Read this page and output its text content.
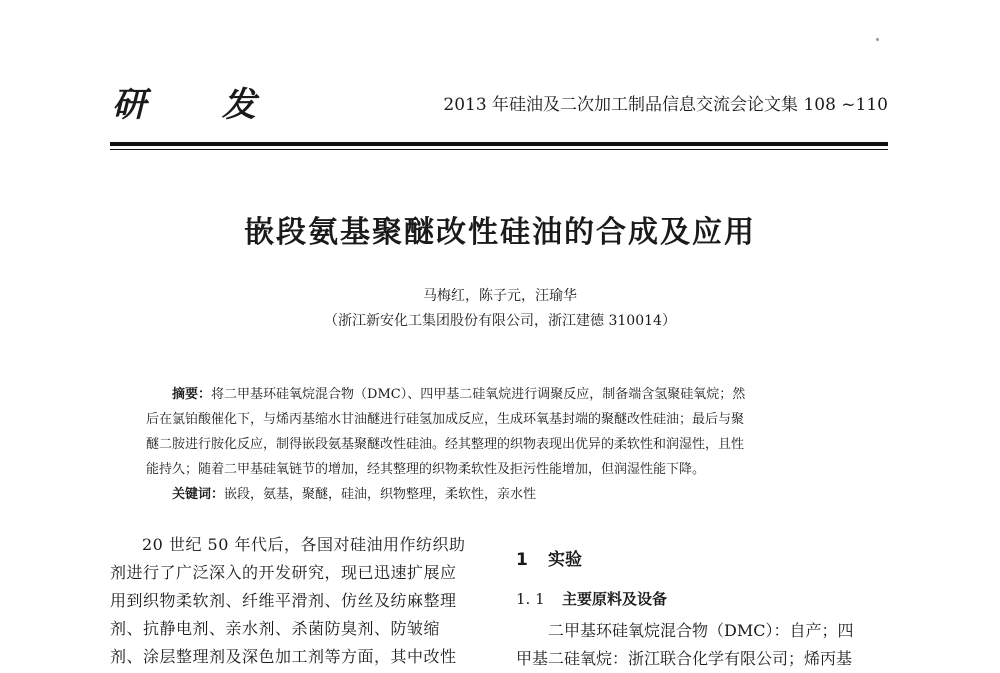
研 发	2013 年硅油及二次加工制品信息交流会论文集 108 ~110
嵌段氨基聚醚改性硅油的合成及应用
马梅红，陈子元，汪瑜华
（浙江新安化工集团股份有限公司，浙江建德 310014）
摘要：将二甲基环硅氧烷混合物（DMC）、四甲基二硅氧烷进行调聚反应，制备端含氢聚硅氧烷；然
后在氯铂酸催化下，与烯丙基缩水甘油醚进行硅氢加成反应，生成环氧基封端的聚醚改性硅油；最后与聚
醚二胺进行胺化反应，制得嵌段氨基聚醚改性硅油。经其整理的织物表现出优异的柔软性和润湿性，且性
能持久；随着二甲基硅氧链节的增加，经其整理的织物柔软性及拒污性能增加，但润湿性能下降。
关键词：嵌段，氨基，聚醚，硅油，织物整理，柔软性，亲水性
20 世纪 50 年代后，各国对硅油用作纺织助
剂进行了广泛深入的开发研究，现已迅速扩展应
用到织物柔软剂、纤维平滑剂、仿丝及纺麻整理
剂、抗静电剂、亲水剂、杀菌防臭剂、防皱缩
剂、涂层整理剂及深色加工剂等方面，其中改性
1 实验
1. 1 主要原料及设备
二甲基环硅氧烷混合物（DMC）：自产；四
甲基二硅氧烷：浙江联合化学有限公司；烯丙基
